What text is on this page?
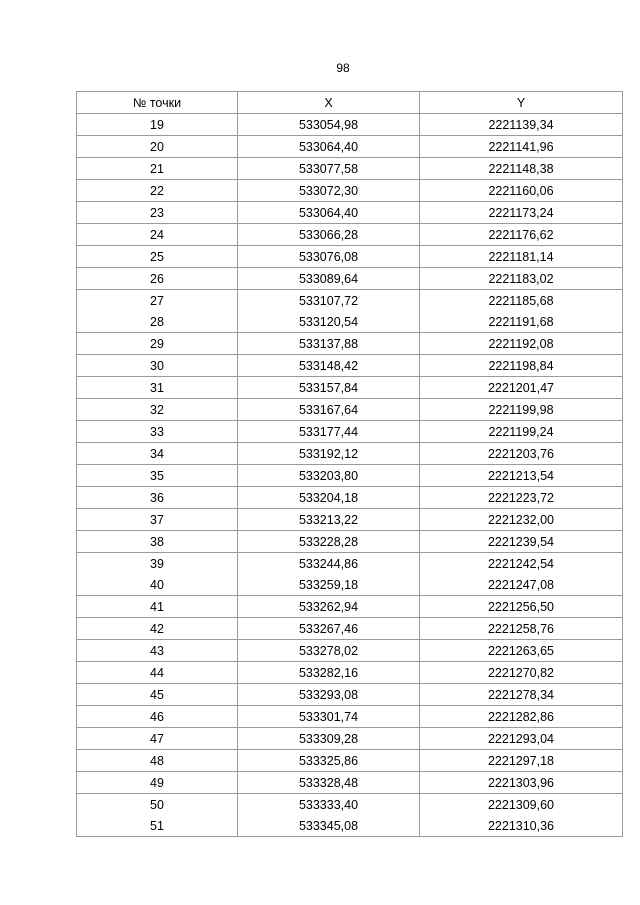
98
№ точки	X	Y
19	533054,98	2221139,34
20	533064,40	2221141,96
21	533077,58	2221148,38
22	533072,30	2221160,06
23	533064,40	2221173,24
24	533066,28	2221176,62
25	533076,08	2221181,14
26	533089,64	2221183,02
27	533107,72	2221185,68
28	533120,54	2221191,68
29	533137,88	2221192,08
30	533148,42	2221198,84
31	533157,84	2221201,47
32	533167,64	2221199,98
33	533177,44	2221199,24
34	533192,12	2221203,76
35	533203,80	2221213,54
36	533204,18	2221223,72
37	533213,22	2221232,00
38	533228,28	2221239,54
39	533244,86	2221242,54
40	533259,18	2221247,08
41	533262,94	2221256,50
42	533267,46	2221258,76
43	533278,02	2221263,65
44	533282,16	2221270,82
45	533293,08	2221278,34
46	533301,74	2221282,86
47	533309,28	2221293,04
48	533325,86	2221297,18
49	533328,48	2221303,96
50	533333,40	2221309,60
51	533345,08	2221310,36
